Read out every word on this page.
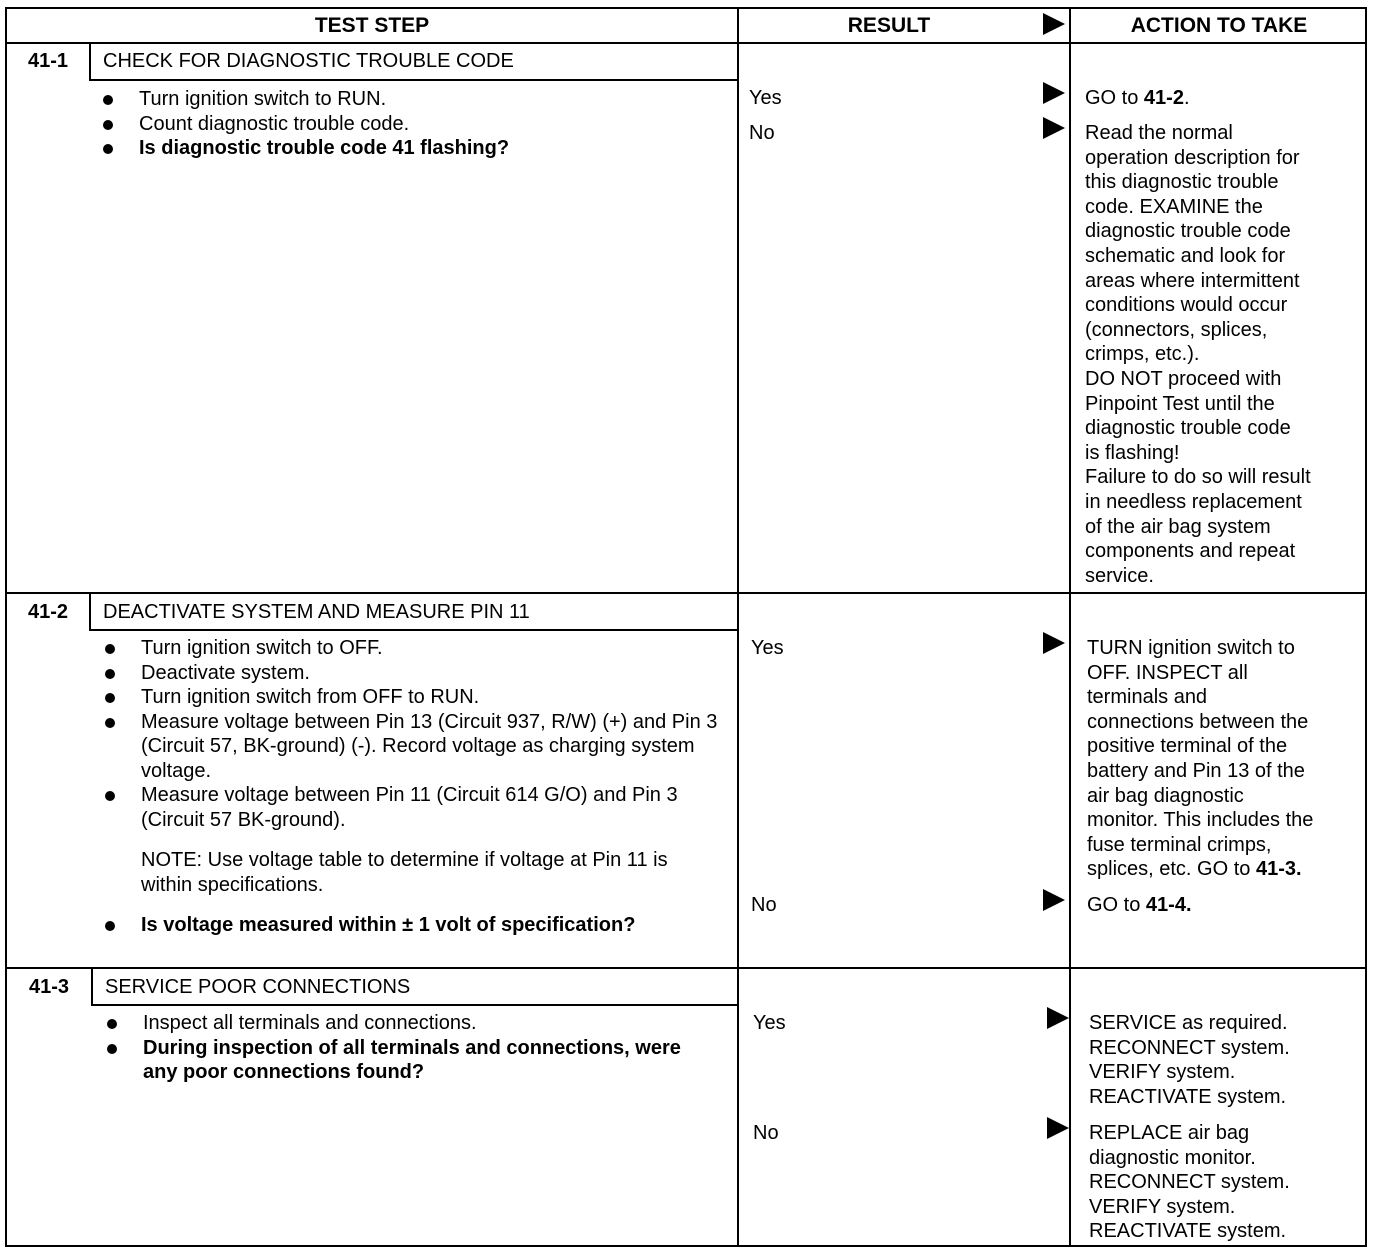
TEST STEP	RESULT	ACTION TO TAKE
41-1	CHECK FOR DIAGNOSTIC TROUBLE CODE
Turn ignition switch to RUN.
Count diagnostic trouble code.
Is diagnostic trouble code 41 flashing?
Yes	GO to 41-2.
No	Read the normal
operation description for
this diagnostic trouble
code. EXAMINE the
diagnostic trouble code
schematic and look for
areas where intermittent
conditions would occur
(connectors, splices,
crimps, etc.).
DO NOT proceed with
Pinpoint Test until the
diagnostic trouble code
is flashing!
Failure to do so will result
in needless replacement
of the air bag system
components and repeat
service.
41-2	DEACTIVATE SYSTEM AND MEASURE PIN 11
Turn ignition switch to OFF.
Deactivate system.
Turn ignition switch from OFF to RUN.
Measure voltage between Pin 13 (Circuit 937, R/W) (+) and Pin 3 (Circuit 57, BK-ground) (-). Record voltage as charging system voltage.
Measure voltage between Pin 11 (Circuit 614 G/O) and Pin 3 (Circuit 57 BK-ground).
NOTE: Use voltage table to determine if voltage at Pin 11 is within specifications.
Is voltage measured within ± 1 volt of specification?
Yes	TURN ignition switch to
OFF. INSPECT all
terminals and
connections between the
positive terminal of the
battery and Pin 13 of the
air bag diagnostic
monitor. This includes the
fuse terminal crimps,
splices, etc. GO to 41-3.
No	GO to 41-4.
41-3	SERVICE POOR CONNECTIONS
Inspect all terminals and connections.
During inspection of all terminals and connections, were any poor connections found?
Yes	SERVICE as required.
RECONNECT system.
VERIFY system.
REACTIVATE system.
No	REPLACE air bag
diagnostic monitor.
RECONNECT system.
VERIFY system.
REACTIVATE system.
